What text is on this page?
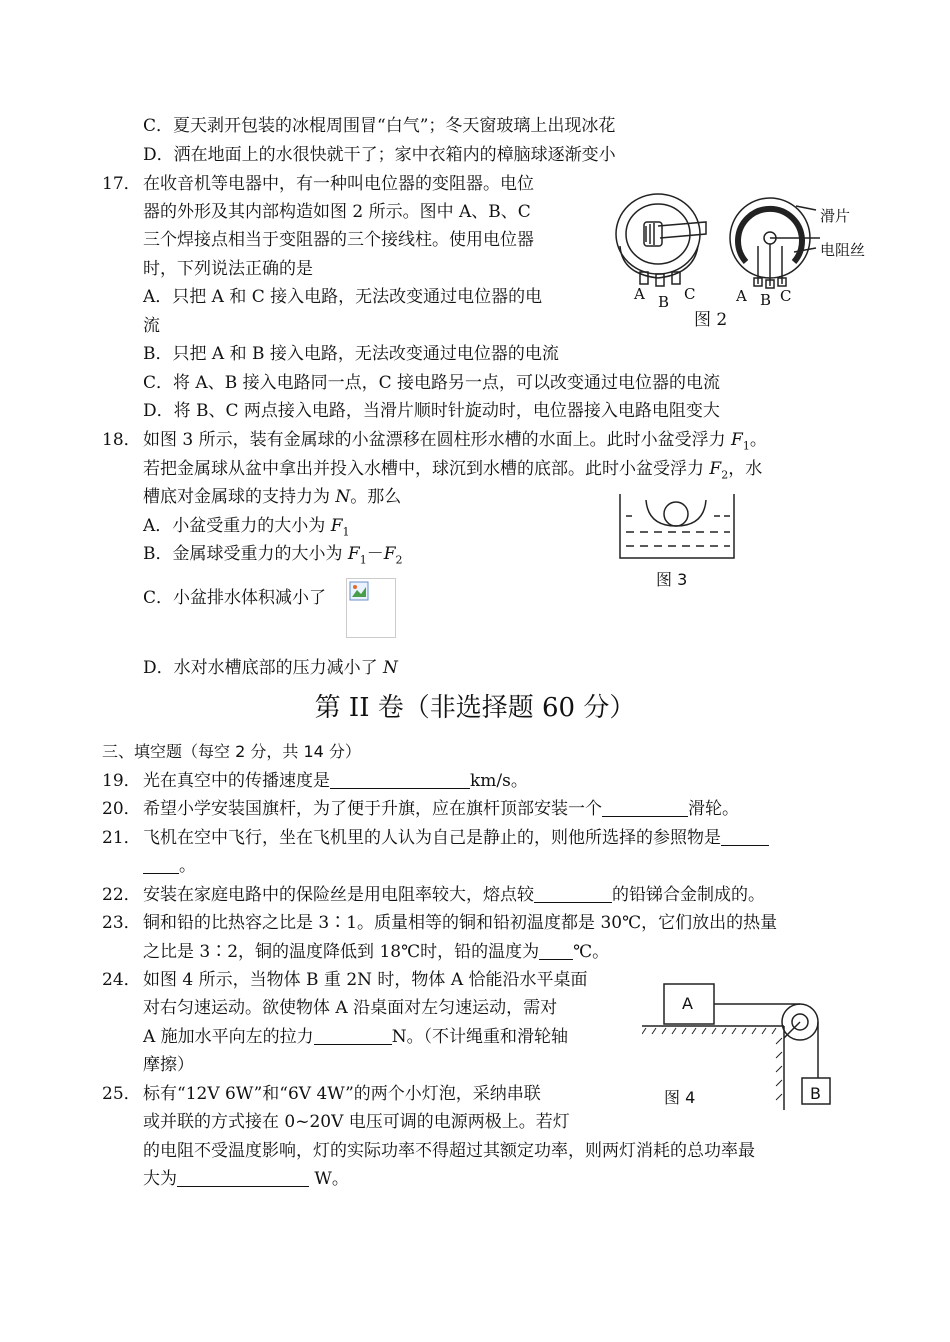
C．夏天剥开包装的冰棍周围冒“白气”；冬天窗玻璃上出现冰花
D．洒在地面上的水很快就干了；家中衣箱内的樟脑球逐渐变小
17． 在收音机等电器中，有一种叫电位器的变阻器。电位
器的外形及其内部构造如图 2 所示。图中 A、B、C
三个焊接点相当于变阻器的三个接线柱。使用电位器
时，下列说法正确的是
A．只把 A 和 C 接入电路，无法改变通过电位器的电
流
B．只把 A 和 B 接入电路，无法改变通过电位器的电流
C．将 A、B 接入电路同一点，C 接电路另一点，可以改变通过电位器的电流
D．将 B、C 两点接入电路，当滑片顺时针旋动时，电位器接入电路电阻变大
滑片
电阻丝
A B C	A B C
图 2
18． 如图 3 所示，装有金属球的小盆漂移在圆柱形水槽的水面上。此时小盆受浮力 $F_1$。
若把金属球从盆中拿出并投入水槽中，球沉到水槽的底部。此时小盆受浮力 $F_2$，水
槽底对金属球的支持力为 N。那么
A．小盆受重力的大小为 $F_1$
B．金属球受重力的大小为 $F_1-F_2$
C．小盆排水体积减小了
D．水对水槽底部的压力减小了 N
图 3
第 II 卷（非选择题 60 分）
三、填空题（每空 2 分，共 14 分）
19． 光在真空中的传播速度是	km/s。
20． 希望小学安装国旗杆，为了便于升旗，应在旗杆顶部安装一个	滑轮。
21． 飞机在空中飞行，坐在飞机里的人认为自己是静止的，则他所选择的参照物是
。
22． 安装在家庭电路中的保险丝是用电阻率较大，熔点较	的铅锑合金制成的。
23． 铜和铅的比热容之比是 3∶1。质量相等的铜和铅初温度都是 30℃，它们放出的热量
之比是 3∶2，铜的温度降低到 18℃时，铅的温度为 ℃。
24． 如图 4 所示，当物体 B 重 2N 时，物体 A 恰能沿水平桌面
对右匀速运动。欲使物体 A 沿桌面对左匀速运动，需对
A 施加水平向左的拉力	N。（不计绳重和滑轮轴
摩擦）
A
B
图 4
25． 标有“12V 6W”和“6V 4W”的两个小灯泡，采纳串联
或并联的方式接在 0~20V 电压可调的电源两极上。若灯
的电阻不受温度影响，灯的实际功率不得超过其额定功率，则两灯消耗的总功率最
大为	W。
